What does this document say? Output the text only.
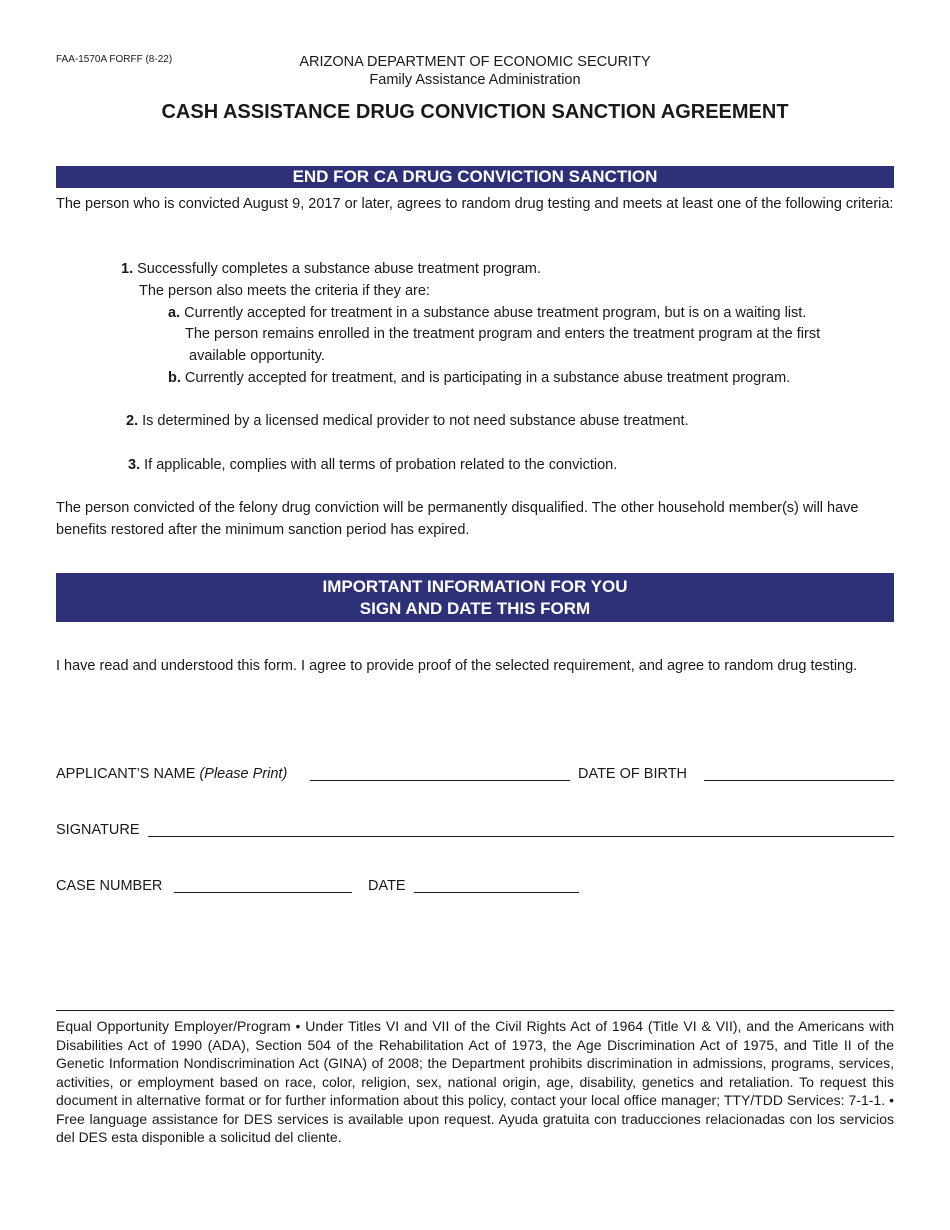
FAA-1570A FORFF (8-22)	ARIZONA DEPARTMENT OF ECONOMIC SECURITY
Family Assistance Administration
CASH ASSISTANCE DRUG CONVICTION SANCTION AGREEMENT
END FOR CA DRUG CONVICTION SANCTION
The person who is convicted August 9, 2017 or later, agrees to random drug testing and meets at least one of the following criteria:
1. Successfully completes a substance abuse treatment program.
The person also meets the criteria if they are:
a. Currently accepted for treatment in a substance abuse treatment program, but is on a waiting list.
The person remains enrolled in the treatment program and enters the treatment program at the first
available opportunity.
b. Currently accepted for treatment, and is participating in a substance abuse treatment program.
2. Is determined by a licensed medical provider to not need substance abuse treatment.
3. If applicable, complies with all terms of probation related to the conviction.
The person convicted of the felony drug conviction will be permanently disqualified. The other household member(s) will have benefits restored after the minimum sanction period has expired.
IMPORTANT INFORMATION FOR YOU
SIGN AND DATE THIS FORM
I have read and understood this form. I agree to provide proof of the selected requirement, and agree to random drug testing.
APPLICANT’S NAME (Please Print)	DATE OF BIRTH
SIGNATURE
CASE NUMBER	DATE
Equal Opportunity Employer/Program • Under Titles VI and VII of the Civil Rights Act of 1964 (Title VI & VII), and the Americans with Disabilities Act of 1990 (ADA), Section 504 of the Rehabilitation Act of 1973, the Age Discrimination Act of 1975, and Title II of the Genetic Information Nondiscrimination Act (GINA) of 2008; the Department prohibits discrimination in admissions, programs, services, activities, or employment based on race, color, religion, sex, national origin, age, disability, genetics and retaliation. To request this document in alternative format or for further information about this policy, contact your local office manager; TTY/TDD Services: 7-1-1. • Free language assistance for DES services is available upon request. Ayuda gratuita con traducciones relacionadas con los servicios del DES esta disponible a solicitud del cliente.
